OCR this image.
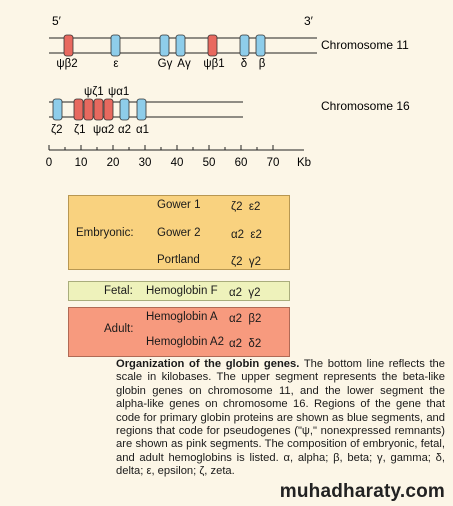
5′	3′
Chromosome 11
ψβ2	ε	Gγ Aγ ψβ1 δ β
Chromosome 16
ψζ1 ψα1
ζ2 ζ1 ψα2 α2 α1
0 10 20 30 40 50 60 70 Kb
Embryonic:
Gower 1	ζ2  ε2
Gower 2	α2  ε2
Portland	ζ2  γ2
Fetal: Hemoglobin F α2  γ2
Adult:
Hemoglobin A α2  β2
Hemoglobin A2 α2  δ2
Organization of the globin genes. The bottom line reflects the scale in kilobases. The upper segment represents the beta-like globin genes on chromosome 11, and the lower segment the alpha-like genes on chromosome 16. Regions of the gene that code for primary globin proteins are shown as blue segments, and regions that code for pseudogenes ("ψ," nonexpressed remnants) are shown as pink segments. The composition of embryonic, fetal, and adult hemoglobins is listed. α, alpha; β, beta; γ, gamma; δ, delta; ε, epsilon; ζ, zeta.
muhadharaty.com
